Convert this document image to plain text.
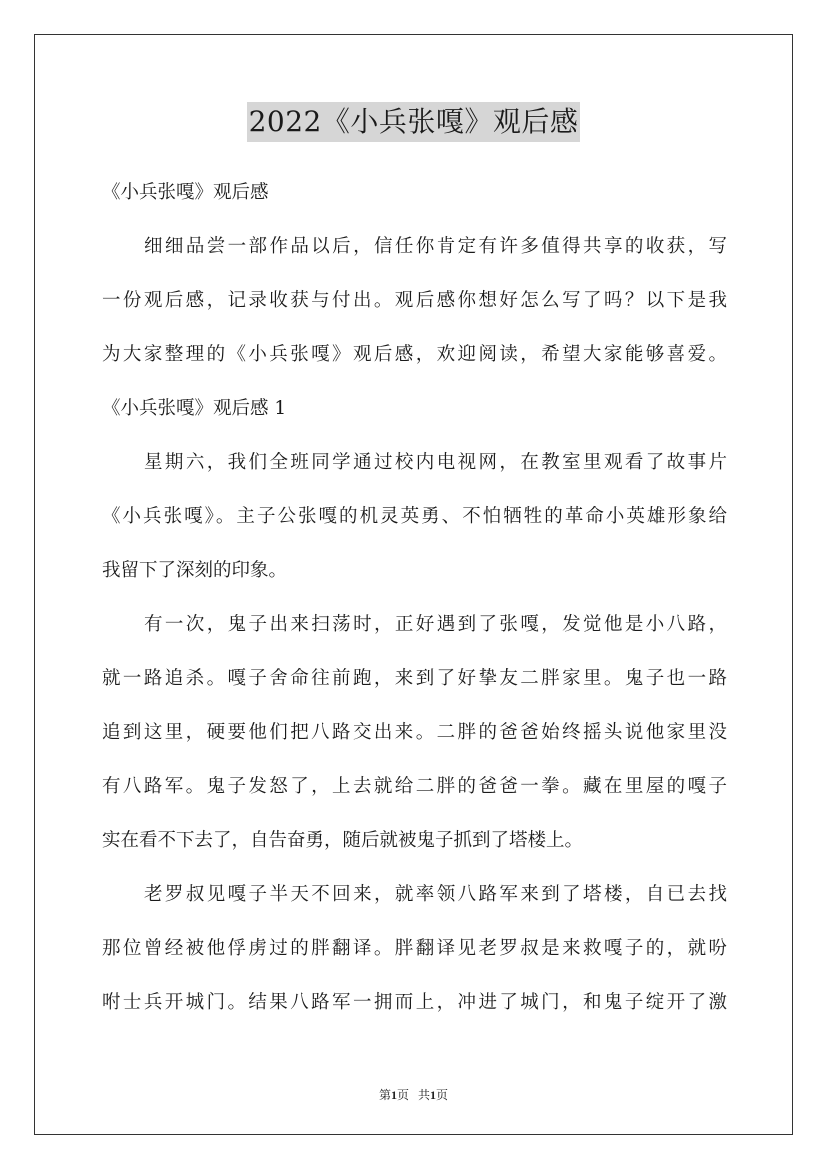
2022《小兵张嘎》观后感
《小兵张嘎》观后感
细细品尝一部作品以后，信任你肯定有许多值得共享的收获，写
一份观后感，记录收获与付出。观后感你想好怎么写了吗？以下是我
为大家整理的《小兵张嘎》观后感，欢迎阅读，希望大家能够喜爱。
《小兵张嘎》观后感 1
星期六，我们全班同学通过校内电视网，在教室里观看了故事片
《小兵张嘎》。主子公张嘎的机灵英勇、不怕牺牲的革命小英雄形象给
我留下了深刻的印象。
有一次，鬼子出来扫荡时，正好遇到了张嘎，发觉他是小八路，
就一路追杀。嘎子舍命往前跑，来到了好挚友二胖家里。鬼子也一路
追到这里，硬要他们把八路交出来。二胖的爸爸始终摇头说他家里没
有八路军。鬼子发怒了，上去就给二胖的爸爸一拳。藏在里屋的嘎子
实在看不下去了，自告奋勇，随后就被鬼子抓到了塔楼上。
老罗叔见嘎子半天不回来，就率领八路军来到了塔楼，自已去找
那位曾经被他俘虏过的胖翻译。胖翻译见老罗叔是来救嘎子的，就吩
咐士兵开城门。结果八路军一拥而上，冲进了城门，和鬼子绽开了激
第1页 共1页
